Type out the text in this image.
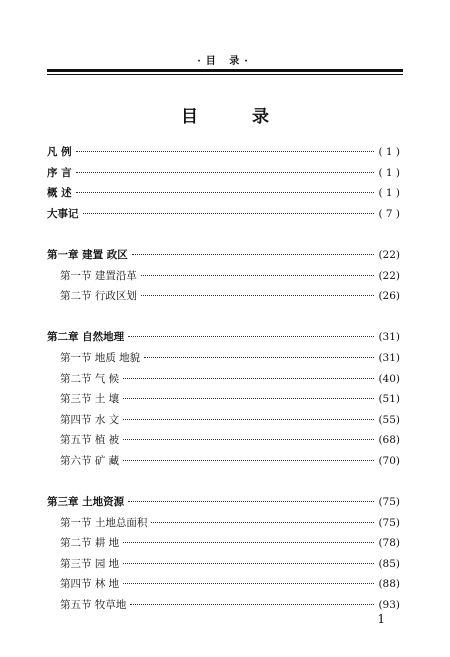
·目 录·
目 录
凡 例	( 1 )
序 言	( 1 )
概 述	( 1 )
大事记	( 7 )
第一章 建置 政区	(22)
第一节 建置沿革	(22)
第二节 行政区划	(26)
第二章 自然地理	(31)
第一节 地质 地貌	(31)
第二节 气 候	(40)
第三节 土 壤	(51)
第四节 水 文	(55)
第五节 植 被	(68)
第六节 矿 藏	(70)
第三章 土地资源	(75)
第一节 土地总面积	(75)
第二节 耕 地	(78)
第三节 园 地	(85)
第四节 林 地	(88)
第五节 牧草地	(93)
1
